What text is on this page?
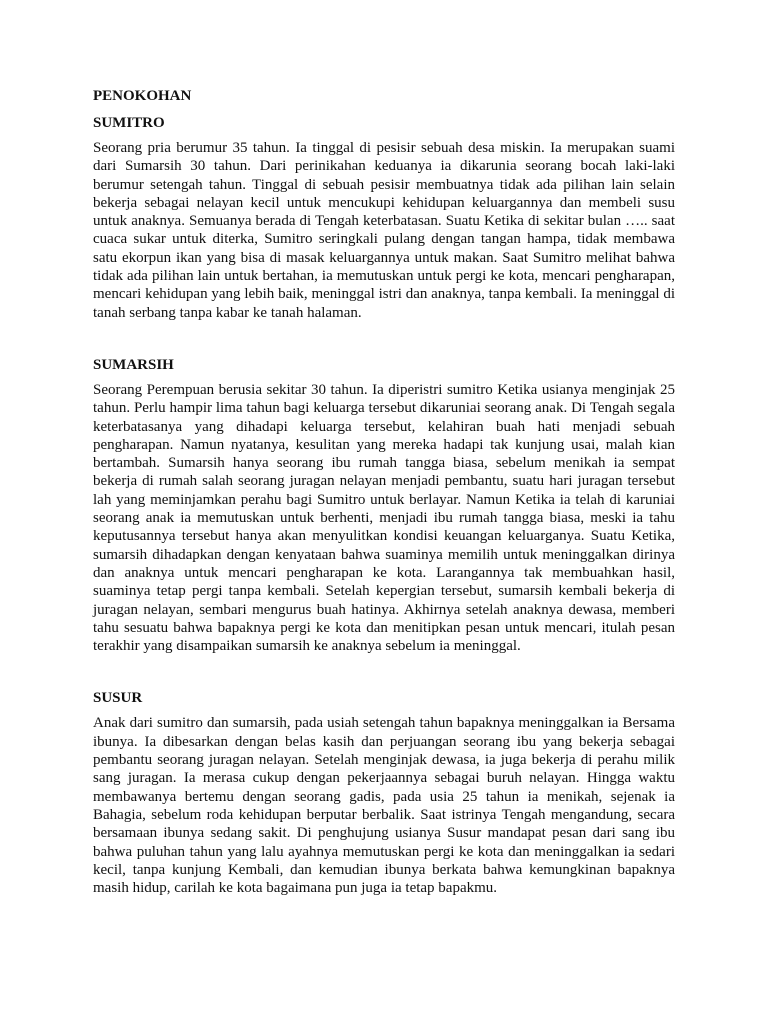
PENOKOHAN
SUMITRO

Seorang pria berumur 35 tahun. Ia tinggal di pesisir sebuah desa miskin. Ia merupakan suami dari Sumarsih 30 tahun. Dari perinikahan keduanya ia dikarunia seorang bocah laki-laki berumur setengah tahun. Tinggal di sebuah pesisir membuatnya tidak ada pilihan lain selain bekerja sebagai nelayan kecil untuk mencukupi kehidupan keluargannya dan membeli susu untuk anaknya. Semuanya berada di Tengah keterbatasan. Suatu Ketika di sekitar bulan ….. saat cuaca sukar untuk diterka, Sumitro seringkali pulang dengan tangan hampa, tidak membawa satu ekorpun ikan yang bisa di masak keluargannya untuk makan. Saat Sumitro melihat bahwa tidak ada pilihan lain untuk bertahan, ia memutuskan untuk pergi ke kota, mencari pengharapan, mencari kehidupan yang lebih baik, meninggal istri dan anaknya, tanpa kembali. Ia meninggal di tanah serbang tanpa kabar ke tanah halaman.

SUMARSIH

Seorang Perempuan berusia sekitar 30 tahun. Ia diperistri sumitro Ketika usianya menginjak 25 tahun. Perlu hampir lima tahun bagi keluarga tersebut dikaruniai seorang anak. Di Tengah segala keterbatasanya yang dihadapi keluarga tersebut, kelahiran buah hati menjadi sebuah pengharapan. Namun nyatanya, kesulitan yang mereka hadapi tak kunjung usai, malah kian bertambah. Sumarsih hanya seorang ibu rumah tangga biasa, sebelum menikah ia sempat bekerja di rumah salah seorang juragan nelayan menjadi pembantu, suatu hari juragan tersebut lah yang meminjamkan perahu bagi Sumitro untuk berlayar. Namun Ketika ia telah di karuniai seorang anak ia memutuskan untuk berhenti, menjadi ibu rumah tangga biasa, meski ia tahu keputusannya tersebut hanya akan menyulitkan kondisi keuangan keluarganya. Suatu Ketika, sumarsih dihadapkan dengan kenyataan bahwa suaminya memilih untuk meninggalkan dirinya dan anaknya untuk mencari pengharapan ke kota. Larangannya tak membuahkan hasil, suaminya tetap pergi tanpa kembali. Setelah kepergian tersebut, sumarsih kembali bekerja di juragan nelayan, sembari mengurus buah hatinya. Akhirnya setelah anaknya dewasa, memberi tahu sesuatu bahwa bapaknya pergi ke kota dan menitipkan pesan untuk mencari, itulah pesan terakhir yang disampaikan sumarsih ke anaknya sebelum ia meninggal.

SUSUR

Anak dari sumitro dan sumarsih, pada usiah setengah tahun bapaknya meninggalkan ia Bersama ibunya. Ia dibesarkan dengan belas kasih dan perjuangan seorang ibu yang bekerja sebagai pembantu seorang juragan nelayan. Setelah menginjak dewasa, ia juga bekerja di perahu milik sang juragan. Ia merasa cukup dengan pekerjaannya sebagai buruh nelayan. Hingga waktu membawanya bertemu dengan seorang gadis, pada usia 25 tahun ia menikah, sejenak ia Bahagia, sebelum roda kehidupan berputar berbalik. Saat istrinya Tengah mengandung, secara bersamaan ibunya sedang sakit. Di penghujung usianya Susur mandapat pesan dari sang ibu bahwa puluhan tahun yang lalu ayahnya memutuskan pergi ke kota dan meninggalkan ia sedari kecil, tanpa kunjung Kembali, dan kemudian ibunya berkata bahwa kemungkinan bapaknya masih hidup, carilah ke kota bagaimana pun juga ia tetap bapakmu.
